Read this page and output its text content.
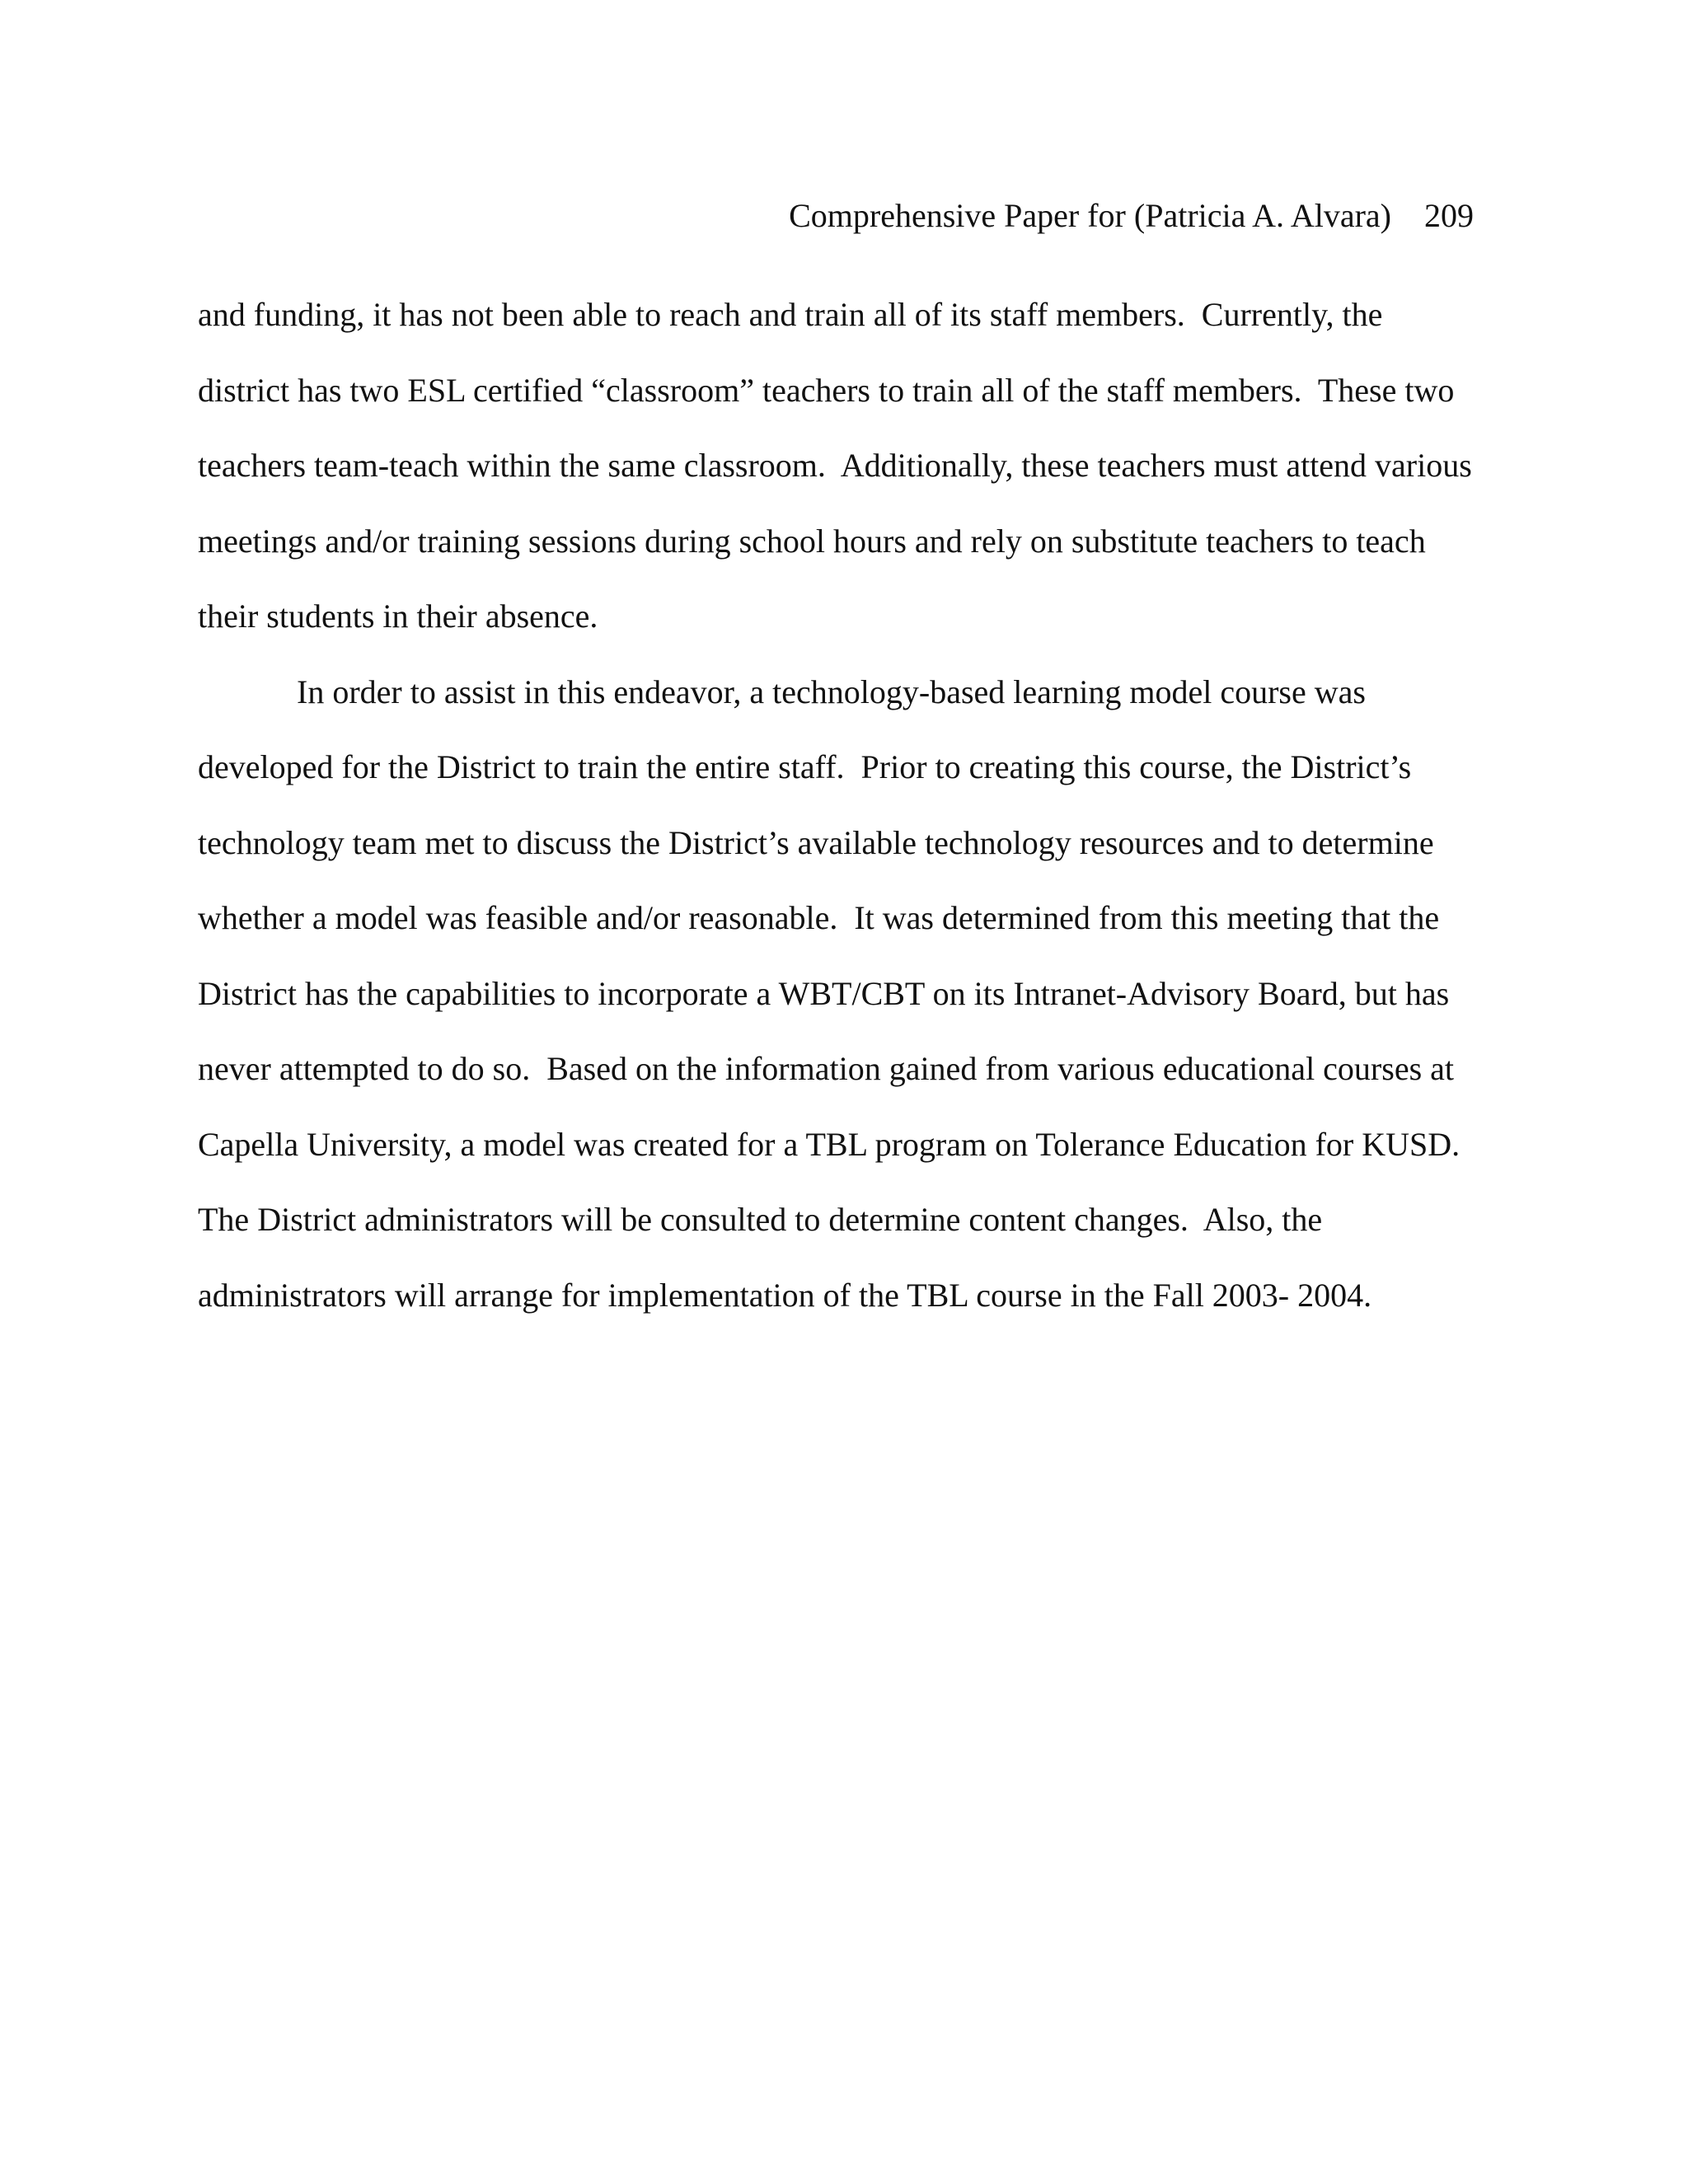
Comprehensive Paper for (Patricia A. Alvara) 209
and funding, it has not been able to reach and train all of its staff members.  Currently, the
district has two ESL certified “classroom” teachers to train all of the staff members.  These two
teachers team-teach within the same classroom.  Additionally, these teachers must attend various
meetings and/or training sessions during school hours and rely on substitute teachers to teach
their students in their absence.
In order to assist in this endeavor, a technology-based learning model course was
developed for the District to train the entire staff.  Prior to creating this course, the District’s
technology team met to discuss the District’s available technology resources and to determine
whether a model was feasible and/or reasonable.  It was determined from this meeting that the
District has the capabilities to incorporate a WBT/CBT on its Intranet-Advisory Board, but has
never attempted to do so.  Based on the information gained from various educational courses at
Capella University, a model was created for a TBL program on Tolerance Education for KUSD.
The District administrators will be consulted to determine content changes.  Also, the
administrators will arrange for implementation of the TBL course in the Fall 2003- 2004.
